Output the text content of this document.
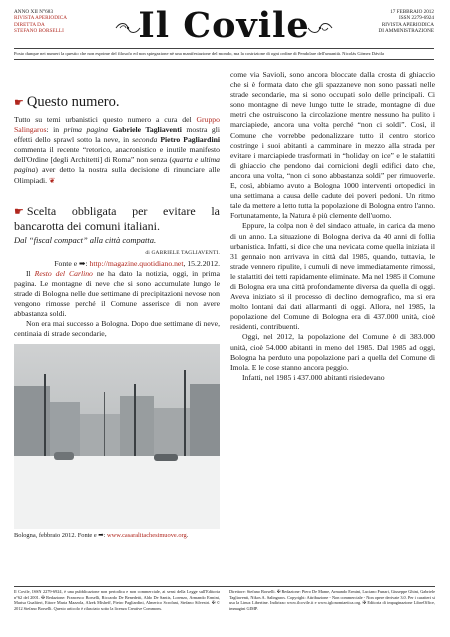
ANNO XII N°683
RIVISTA APERIODICA
DIRETTA DA
STEFANO BORSELLI	Il Covile	17 FEBBRAIO 2012
ISSN 2279-6924
RIVISTA APERIODICA
DI AMMINISTRAZIONE
Posto dunque nei numeri la questio che non esprime del filosofo ed non spiegazione nè una manifestazione del mondo, ma la costrizione di ogni ordine di Pendolare dell'umanità. Nicolás Gómez Dávila
☛ Questo numero.

Tutto su temi urbanistici questo numero a cura del Gruppo Salingaros: in prima pagina Gabriele Tagliaventi mostra gli effetti dello sprawl sotto la neve, in seconda Pietro Pagliardini commenta il recente “retorico, anacronistico e inutile manifesto dell'Ordine [degli Architetti] di Roma” non senza (quarta e ultima pagina) aver detto la nostra sulla decisione di rinunciare alle Olimpiadi. ❦

☛ Scelta obbligata per evitare la bancarotta dei comuni italiani.
Dal “fiscal compact” alla città compatta.
di GABRIELE TAGLIAVENTI.

Fonte e ➡: http://magazine.quotidiano.net, 15.2.2012.

Il Resto del Carlino ne ha dato la notizia, oggi, in prima pagina. Le montagne di neve che si sono accumulate lungo le strade di Bologna nelle due settimane di precipitazioni nevose non vengono rimosse perché il Comune asserisce di non avere abbastanza soldi.

Non era mai successo a Bologna. Dopo due settimane di neve, centinaia di strade secondarie,

Bologna, febbraio 2012. Fonte e ➡: www.casaralitachesimuove.org.

come via Savioli, sono ancora bloccate dalla crosta di ghiaccio che si è formata dato che gli spazzaneve non sono passati nelle strade secondarie, ma si sono occupati solo delle principali. Ci sono montagne di neve lungo tutte le strade, montagne di due metri che ostruiscono la circolazione mentre nessuno ha pulito i marciapiede, ancora una volta perché “non ci soldi”. Così, il Comune che vorrebbe pedonalizzare tutto il centro storico costringe i suoi abitanti a camminare in mezzo alla strada per evitare i marciapiede trasformati in “holiday on ice” e le stalattiti di ghiaccio che pendono dai cornicioni degli edifici dato che, ancora una volta, “non ci sono abbastanza soldi” per rimuoverle. E, così, abbiamo avuto a Bologna 1000 interventi ortopedici in una settimana a causa delle cadute dei poveri pedoni. Un ritmo tale da mettere a letto tutta la popolazione di Bologna entro l'anno. Fortunatamente, la Natura è più clemente dell'uomo.

Eppure, la colpa non è del sindaco attuale, in carica da meno di un anno. La situazione di Bologna deriva da 40 anni di follia urbanistica. Infatti, si dice che una nevicata come quella iniziata il 31 gennaio non arrivava in città dal 1985, quando, tuttavia, le strade vennero ripulite, i cumuli di neve immediatamente rimossi, le stalattiti dei tetti rapidamente eliminate. Ma nel 1985 il Comune di Bologna era una città profondamente diversa da quella di oggi. Aveva iniziato sì il processo di declino demografico, ma si era molto lontani dai dati allarmanti di oggi. Allora, nel 1985, la popolazione del Comune di Bologna era di 437.000 unità, cioè residenti, contribuenti.

Oggi, nel 2012, la popolazione del Comune è di 383.000 unità, cioè 54.000 abitanti in meno del 1985. Dal 1985 ad oggi, Bologna ha perduto una popolazione pari a quella del Comune di Imola. E le cose stanno ancora peggio.

Infatti, nel 1985 i 437.000 abitanti risiedevano

Il Covile, ISSN 2279-6924, è una pubblicazione non periodica e non commerciale, ai sensi della Legge sull'Editoria n°62 del 2001. ✠ Redazione: Francesco Borselli, Riccardo De Benedetti, Aldo De Santis, Lorenzo, Armando Ermini, Marisa Gualtieri, Ettore Maria Mazzola, Alzek Misheff, Pietro Pagliardini, Almerico Scrofani, Stefano Silvestri. ✠ © 2012 Stefano Borselli. Questo articolo è rilasciato sotto la licenza Creative Commons.
Direttore: Stefano Borselli. ✠ Redazione: Piero De Mame, Armando Ermini, Luciano Funari, Giuseppe Ghini, Gabriele Tagliaventi, Nikos A. Salingaros. Copyright: Attribuzione - Non commerciale - Non opere derivate 3.0. Per i caratteri si usa la Linux Libertine. Indirizzo www.ilcovile.it e www.iglonomiaetica.org. ✠ Editoria di impaginazione LibreOffice, immagini GIMP.
